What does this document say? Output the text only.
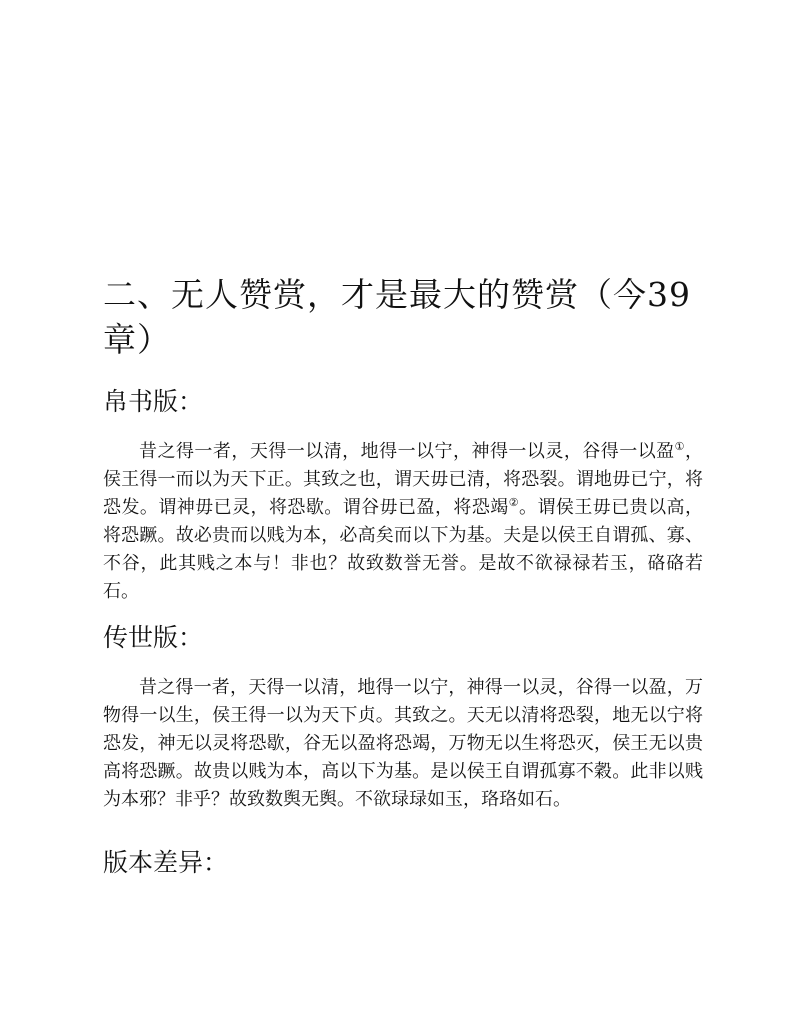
二、无人赞赏，才是最大的赞赏（今39章）
帛书版：

昔之得一者，天得一以清，地得一以宁，神得一以灵，谷得一以盈①，侯王得一而以为天下正。其致之也，谓天毋已清，将恐裂。谓地毋已宁，将恐发。谓神毋已灵，将恐歇。谓谷毋已盈，将恐竭②。谓侯王毋已贵以高，将恐蹶。故必贵而以贱为本，必高矣而以下为基。夫是以侯王自谓孤、寡、不谷，此其贱之本与！非也？故致数誉无誉。是故不欲禄禄若玉，硌硌若石。

传世版：

昔之得一者，天得一以清，地得一以宁，神得一以灵，谷得一以盈，万物得一以生，侯王得一以为天下贞。其致之。天无以清将恐裂，地无以宁将恐发，神无以灵将恐歇，谷无以盈将恐竭，万物无以生将恐灭，侯王无以贵高将恐蹶。故贵以贱为本，高以下为基。是以侯王自谓孤寡不穀。此非以贱为本邪？非乎？故致数舆无舆。不欲琭琭如玉，珞珞如石。

版本差异：
